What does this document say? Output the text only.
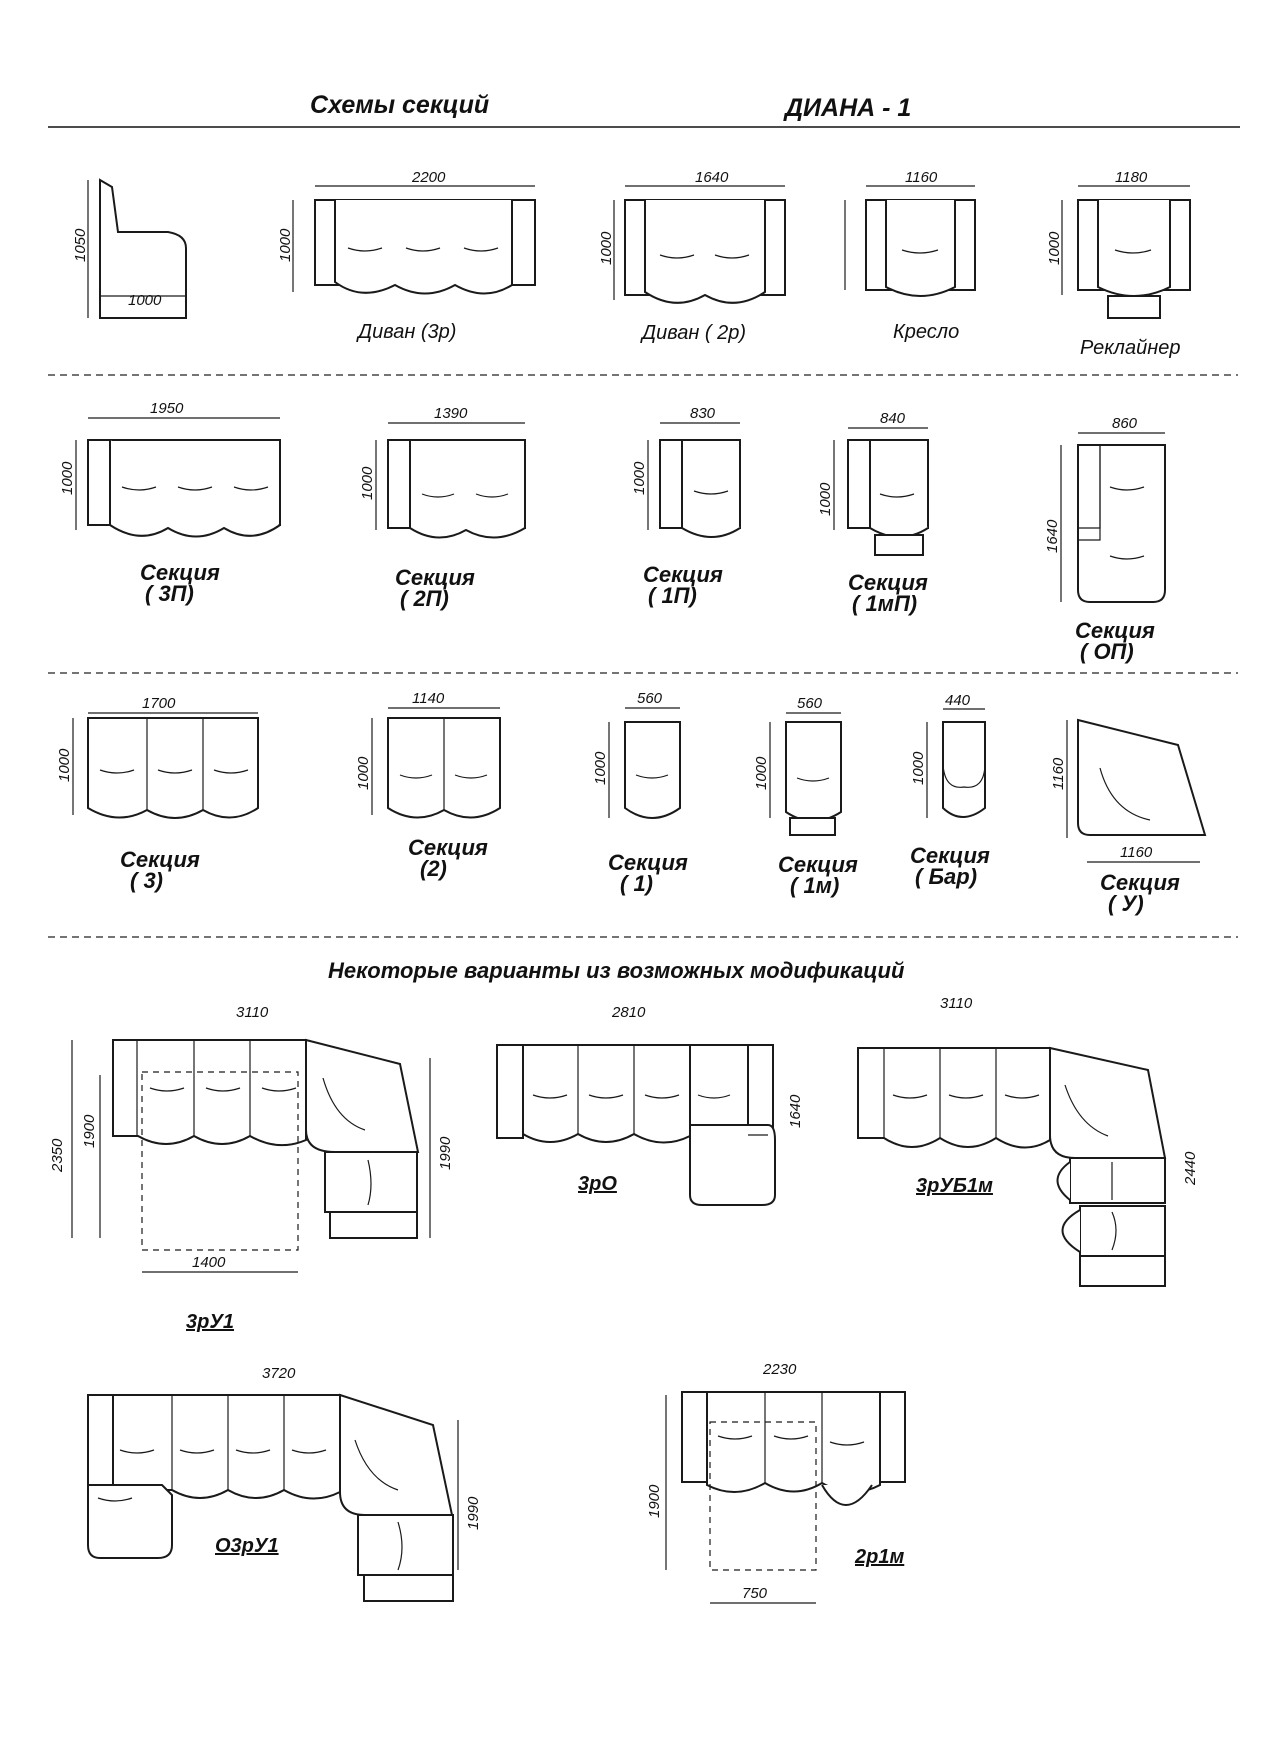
Схемы секций	ДИАНА - 1
1050
1000
2200
1000
Диван (3р)
1640
1000
Диван ( 2р)
1160
Кресло
1180
1000
Реклайнер
1950
1000
Секция
( 3П)
1390
1000
Секция
( 2П)
830
1000
Секция
( 1П)
840
1000
Секция
( 1мП)
860
1640
Секция
( ОП)
1700
1000
Секция
( 3)
1140
1000
Секция
(2)
560
1000
Секция
( 1)
560
1000
Секция
( 1м)
440
1000
Секция
( Бар)
1160
1160
Секция
( У)
Некоторые варианты из возможных модификаций
3110
2350
1900
1990
1400
3рУ1
2810
1640
3рО
3110
2440
3рУБ1м
3720
1990
О3рУ1
2230
1900
750
2р1м
